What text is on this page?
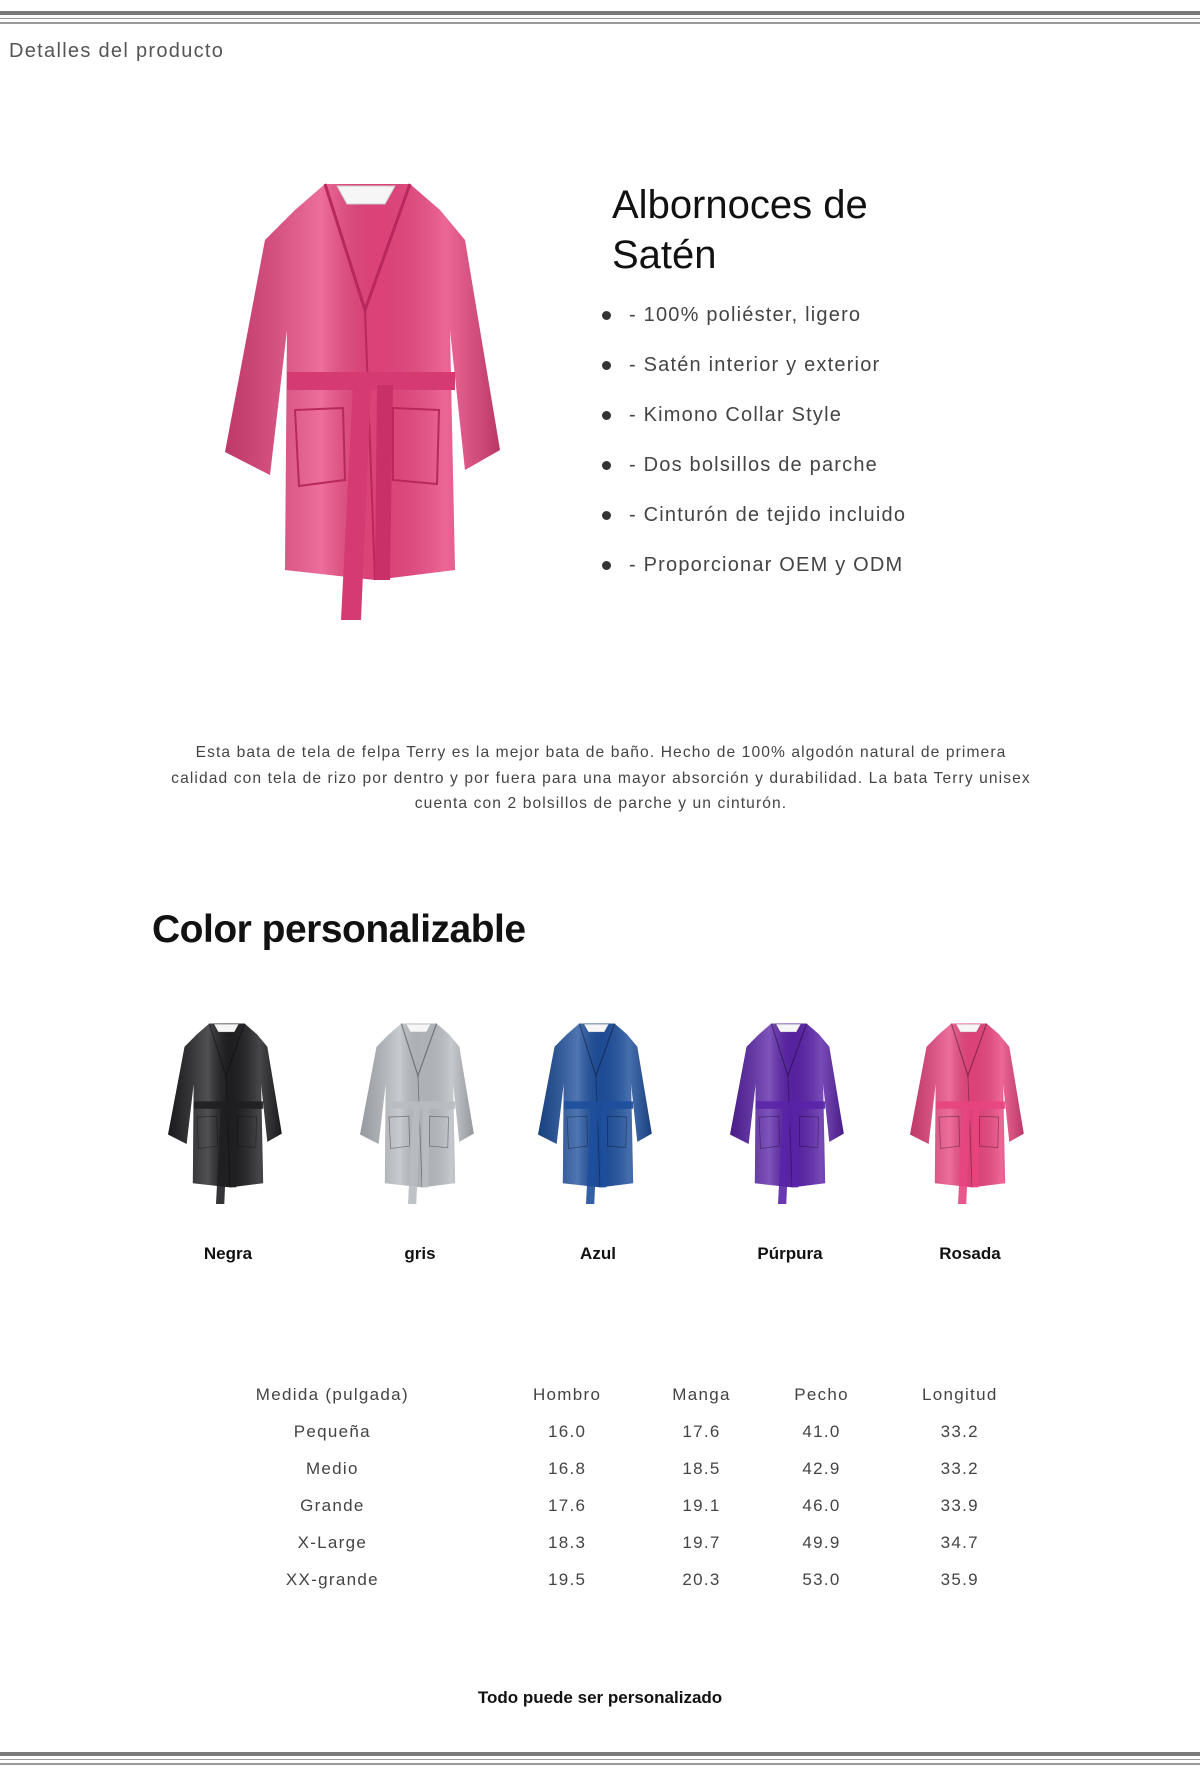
Detalles del producto
Albornoces de Satén
- 100% poliéster, ligero
- Satén interior y exterior
- Kimono Collar Style
- Dos bolsillos de parche
- Cinturón de tejido incluido
- Proporcionar OEM y ODM
Esta bata de tela de felpa Terry es la mejor bata de baño. Hecho de 100% algodón natural de primera calidad con tela de rizo por dentro y por fuera para una mayor absorción y durabilidad. La bata Terry unisex cuenta con 2 bolsillos de parche y un cinturón.
Color personalizable
Negra	gris	Azul	Púrpura	Rosada
Medida (pulgada)	Hombro	Manga	Pecho	Longitud
Pequeña	16.0	17.6	41.0	33.2
Medio	16.8	18.5	42.9	33.2
Grande	17.6	19.1	46.0	33.9
X-Large	18.3	19.7	49.9	34.7
XX-grande	19.5	20.3	53.0	35.9
Todo puede ser personalizado
